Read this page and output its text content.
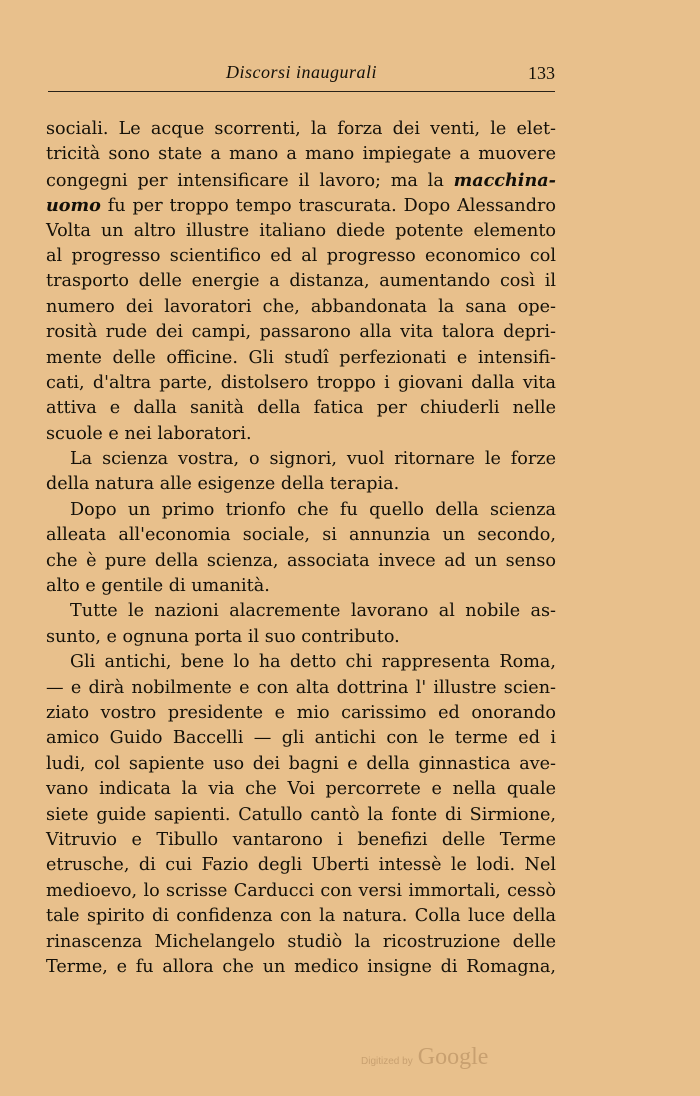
Discorsi inaugurali	133
sociali. Le acque scorrenti, la forza dei venti, le elet-
tricità sono state a mano a mano impiegate a muovere
congegni per intensificare il lavoro; ma la macchina-
uomo fu per troppo tempo trascurata. Dopo Alessandro
Volta un altro illustre italiano diede potente elemento
al progresso scientifico ed al progresso economico col
trasporto delle energie a distanza, aumentando così il
numero dei lavoratori che, abbandonata la sana ope-
rosità rude dei campi, passarono alla vita talora depri-
mente delle officine. Gli studî perfezionati e intensifi-
cati, d'altra parte, distolsero troppo i giovani dalla vita
attiva e dalla sanità della fatica per chiuderli nelle
scuole e nei laboratori.
La scienza vostra, o signori, vuol ritornare le forze
della natura alle esigenze della terapia.
Dopo un primo trionfo che fu quello della scienza
alleata all'economia sociale, si annunzia un secondo,
che è pure della scienza, associata invece ad un senso
alto e gentile di umanità.
Tutte le nazioni alacremente lavorano al nobile as-
sunto, e ognuna porta il suo contributo.
Gli antichi, bene lo ha detto chi rappresenta Roma,
— e dirà nobilmente e con alta dottrina l' illustre scien-
ziato vostro presidente e mio carissimo ed onorando
amico Guido Baccelli — gli antichi con le terme ed i
ludi, col sapiente uso dei bagni e della ginnastica ave-
vano indicata la via che Voi percorrete e nella quale
siete guide sapienti. Catullo cantò la fonte di Sirmione,
Vitruvio e Tibullo vantarono i benefizi delle Terme
etrusche, di cui Fazio degli Uberti intessè le lodi. Nel
medioevo, lo scrisse Carducci con versi immortali, cessò
tale spirito di confidenza con la natura. Colla luce della
rinascenza Michelangelo studiò la ricostruzione delle
Terme, e fu allora che un medico insigne di Romagna,
Digitized by Google
